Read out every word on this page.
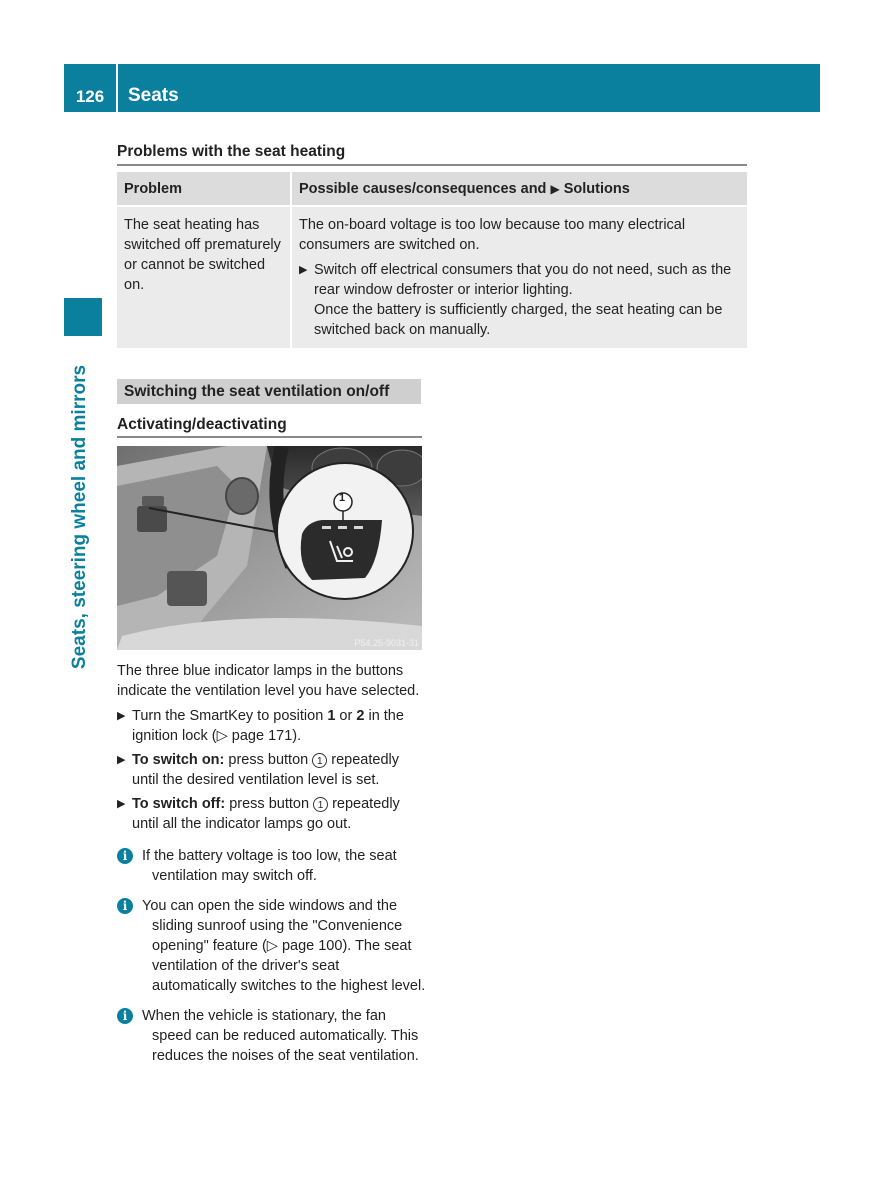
126	Seats
Seats, steering wheel and mirrors
Problems with the seat heating
Problem	Possible causes/consequences and ▶ Solutions
The seat heating has switched off prematurely or cannot be switched on.	The on-board voltage is too low because too many electrical consumers are switched on.
▶ Switch off electrical consumers that you do not need, such as the rear window defroster or interior lighting.
Once the battery is sufficiently charged, the seat heating can be switched back on manually.
Switching the seat ventilation on/off
Activating/deactivating
1
P54.25-9031-31

The three blue indicator lamps in the buttons indicate the ventilation level you have selected.

▶ Turn the SmartKey to position 1 or 2 in the ignition lock (▷ page 171).
▶ To switch on: press button 1 repeatedly until the desired ventilation level is set.
▶ To switch off: press button 1 repeatedly until all the indicator lamps go out.
i	If the battery voltage is too low, the seat ventilation may switch off.
i	You can open the side windows and the sliding sunroof using the "Convenience opening" feature (▷ page 100). The seat ventilation of the driver's seat automatically switches to the highest level.
i	When the vehicle is stationary, the fan speed can be reduced automatically. This reduces the noises of the seat ventilation.
